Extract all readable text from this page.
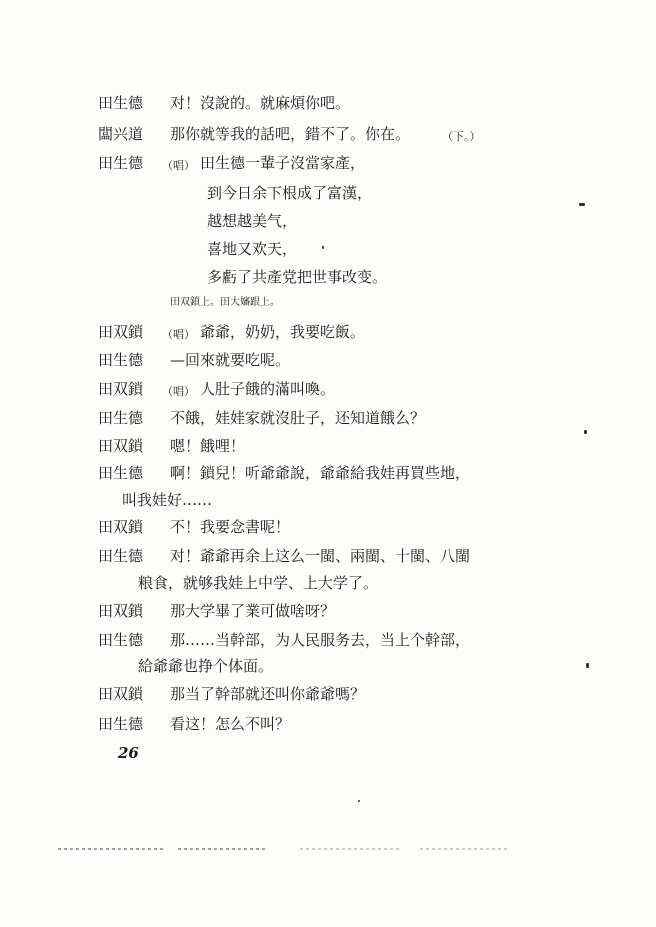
田生德 对！沒說的。就麻煩你吧。
闆兴道 那你就等我的話吧，錯不了。你在。	（下。）
田生德 （唱） 田生德一輩子沒當家產，
到今日余下根成了富漢，
越想越美气，
喜地又欢天，
多虧了共產党把世事改变。
田双鎖上。田大嬸跟上。
田双鎖 （唱） 爺爺，奶奶，我要吃飯。
田生德 —回來就要吃呢。
田双鎖 （唱） 人肚子餓的滿叫喚。
田生德 不餓，娃娃家就沒肚子，还知道餓么？
田双鎖 嗯！餓哩！
田生德 啊！鎖兒！听爺爺說，爺爺給我娃再買些地，
叫我娃好……
田双鎖 不！我要念書呢！
田生德 对！爺爺再余上这么一閩、兩閩、十閩、八閩
粮食，就够我娃上中学、上大学了。
田双鎖 那大学畢了業可做啥呀？
田生德 那……当幹部，为人民服务去，当上个幹部，
給爺爺也挣个体面。
田双鎖 那当了幹部就还叫你爺爺嗎？
田生德 看这！怎么不叫？
26
